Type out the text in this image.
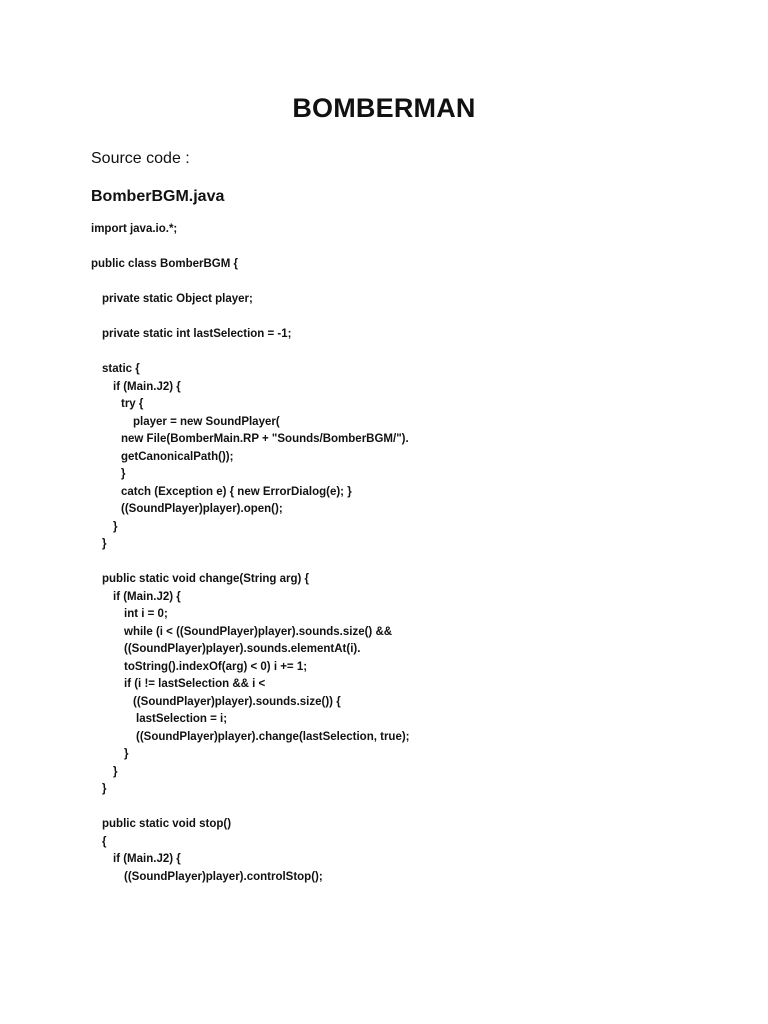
BOMBERMAN
Source code :
BomberBGM.java
import java.io.*;
public class BomberBGM {
private static Object player;
private static int lastSelection = -1;
static {
if (Main.J2) {
try {
player = new SoundPlayer(
new File(BomberMain.RP + "Sounds/BomberBGM/").
getCanonicalPath());
}
catch (Exception e) { new ErrorDialog(e); }
((SoundPlayer)player).open();
}
}
public static void change(String arg) {
if (Main.J2) {
int i = 0;
while (i < ((SoundPlayer)player).sounds.size() &&
((SoundPlayer)player).sounds.elementAt(i).
toString().indexOf(arg) < 0) i += 1;
if (i != lastSelection && i <
((SoundPlayer)player).sounds.size()) {
lastSelection = i;
((SoundPlayer)player).change(lastSelection, true);
}
}
}
public static void stop()
{
if (Main.J2) {
((SoundPlayer)player).controlStop();
